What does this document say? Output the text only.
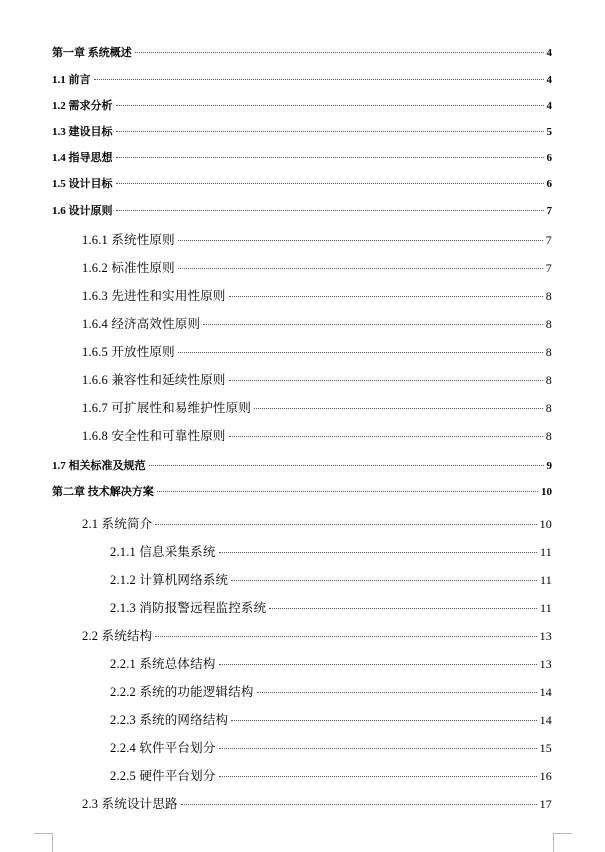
第一章 系统概述	4
1.1 前言	4
1.2 需求分析	4
1.3 建设目标	5
1.4 指导思想	6
1.5 设计目标	6
1.6 设计原则	7
1.6.1 系统性原则	7
1.6.2 标准性原则	7
1.6.3 先进性和实用性原则	8
1.6.4 经济高效性原则	8
1.6.5 开放性原则	8
1.6.6 兼容性和延续性原则	8
1.6.7 可扩展性和易维护性原则	8
1.6.8 安全性和可靠性原则	8
1.7 相关标准及规范	9
第二章 技术解决方案	10
2.1 系统简介	10
2.1.1 信息采集系统	11
2.1.2 计算机网络系统	11
2.1.3 消防报警远程监控系统	11
2.2 系统结构	13
2.2.1 系统总体结构	13
2.2.2 系统的功能逻辑结构	14
2.2.3 系统的网络结构	14
2.2.4 软件平台划分	15
2.2.5 硬件平台划分	16
2.3 系统设计思路	17
